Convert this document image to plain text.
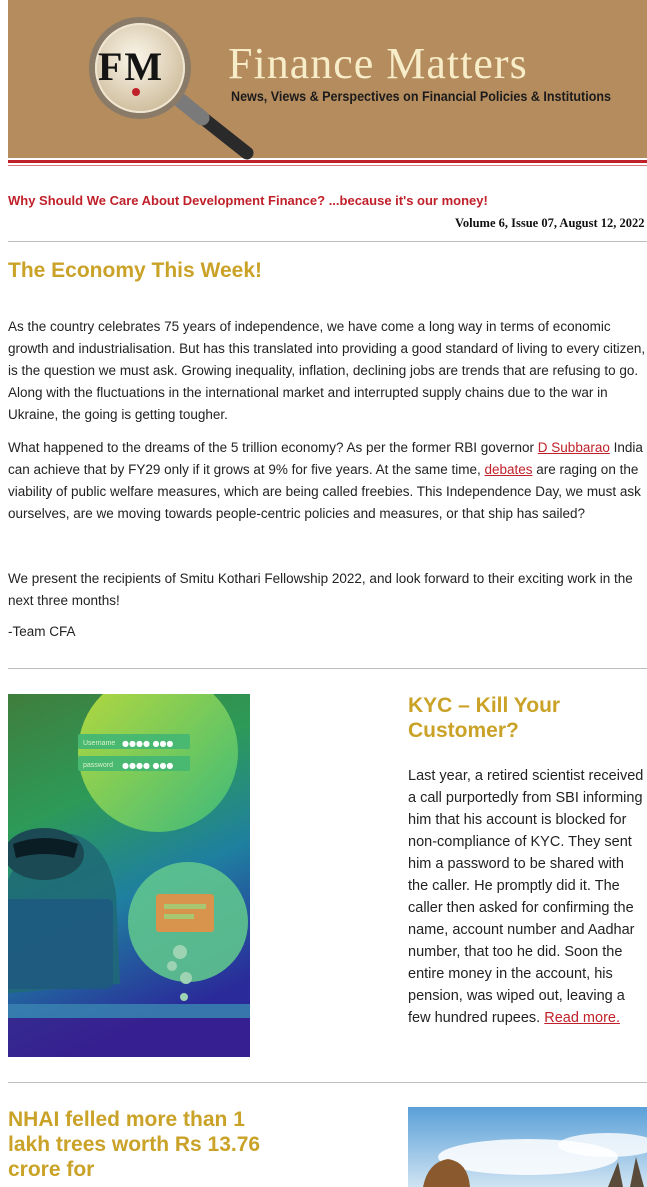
FM Finance Matters
News, Views & Perspectives on Financial Policies & Institutions
Why Should We Care About Development Finance? ...because it's our money!
Volume 6, Issue 07, August 12, 2022
The Economy This Week!
As the country celebrates 75 years of independence, we have come a long way in terms of economic growth and industrialisation. But has this translated into providing a good standard of living to every citizen, is the question we must ask. Growing inequality, inflation, declining jobs are trends that are refusing to go. Along with the fluctuations in the international market and interrupted supply chains due to the war in Ukraine, the going is getting tougher.
What happened to the dreams of the 5 trillion economy? As per the former RBI governor D Subbarao India can achieve that by FY29 only if it grows at 9% for five years. At the same time, debates are raging on the viability of public welfare measures, which are being called freebies. This Independence Day, we must ask ourselves, are we moving towards people-centric policies and measures, or that ship has sailed?
We present the recipients of Smitu Kothari Fellowship 2022, and look forward to their exciting work in the next three months!
-Team CFA
Username
password
●●●● ●●●
●●●● ●●●
KYC – Kill Your Customer?
Last year, a retired scientist received a call purportedly from SBI informing him that his account is blocked for non-compliance of KYC. They sent him a password to be shared with the caller. He promptly did it. The caller then asked for confirming the name, account number and Aadhar number, that too he did. Soon the entire money in the account, his pension, was wiped out, leaving a few hundred rupees. Read more.
NHAI felled more than 1 lakh trees worth Rs 13.76 crore for
